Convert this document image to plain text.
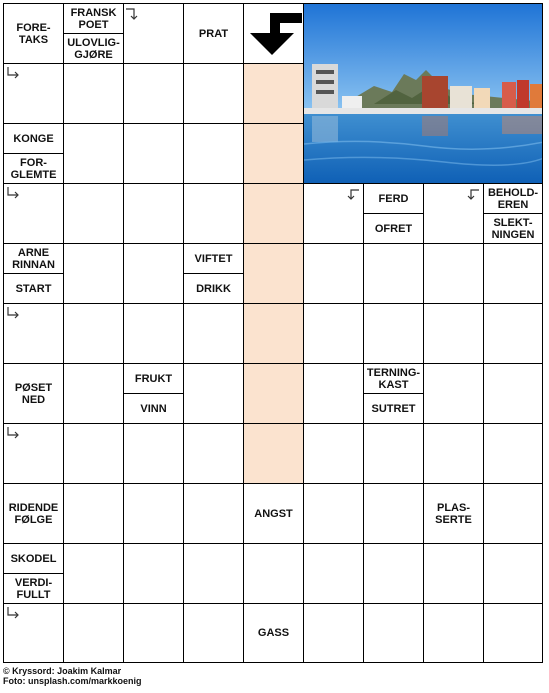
FORE-
TAKS
FRANSK
POET
ULOVLIG-
GJØRE
PRAT
KONGE
FOR-
GLEMTE
FERD
OFRET
BEHOLD-
EREN
SLEKT-
NINGEN
ARNE
RINNAN
START
VIFTET
DRIKK
PØSET
NED
FRUKT
VINN
TERNING-
KAST
SUTRET
RIDENDE
FØLGE	ANGST	PLAS-
SERTE
SKODEL
VERDI-
FULLT
GASS
© Kryssord: Joakim Kalmar
Foto: unsplash.com/markkoenig
